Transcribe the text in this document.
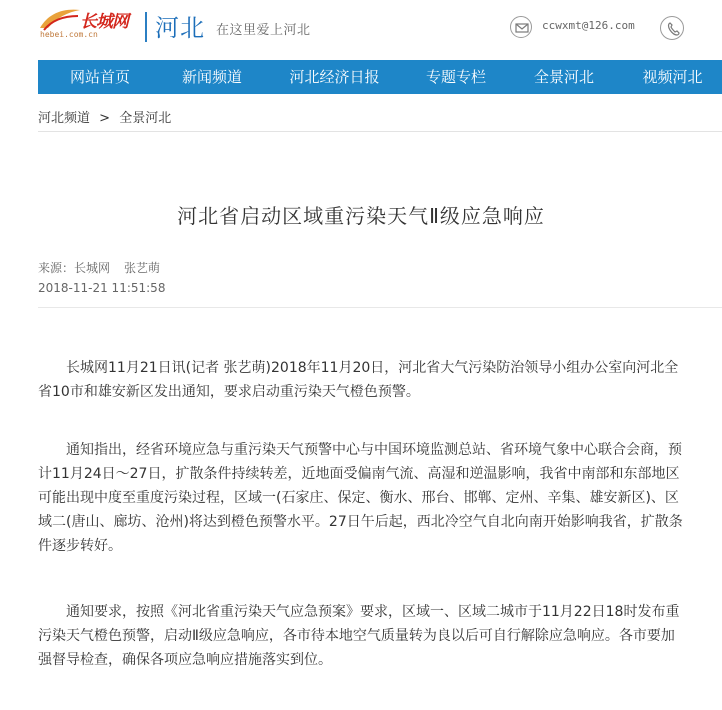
长城网
hebei.com.cn 河北 在这里爱上河北	ccwxmt@126.com
网站首页	新闻频道	河北经济日报	专题专栏	全景河北	视频河北
河北频道 > 全景河北
河北省启动区域重污染天气Ⅱ级应急响应
来源：长城网 张艺萌
2018-11-21 11:51:58

长城网11月21日讯(记者 张艺萌)2018年11月20日，河北省大气污染防治领导小组办公室向河北全省10市和雄安新区发出通知，要求启动重污染天气橙色预警。

通知指出，经省环境应急与重污染天气预警中心与中国环境监测总站、省环境气象中心联合会商，预计11月24日～27日，扩散条件持续转差，近地面受偏南气流、高湿和逆温影响，我省中南部和东部地区可能出现中度至重度污染过程，区域一(石家庄、保定、衡水、邢台、邯郸、定州、辛集、雄安新区)、区域二(唐山、廊坊、沧州)将达到橙色预警水平。27日午后起，西北冷空气自北向南开始影响我省，扩散条件逐步转好。

通知要求，按照《河北省重污染天气应急预案》要求，区域一、区域二城市于11月22日18时发布重污染天气橙色预警，启动Ⅱ级应急响应，各市待本地空气质量转为良以后可自行解除应急响应。各市要加强督导检查，确保各项应急响应措施落实到位。
